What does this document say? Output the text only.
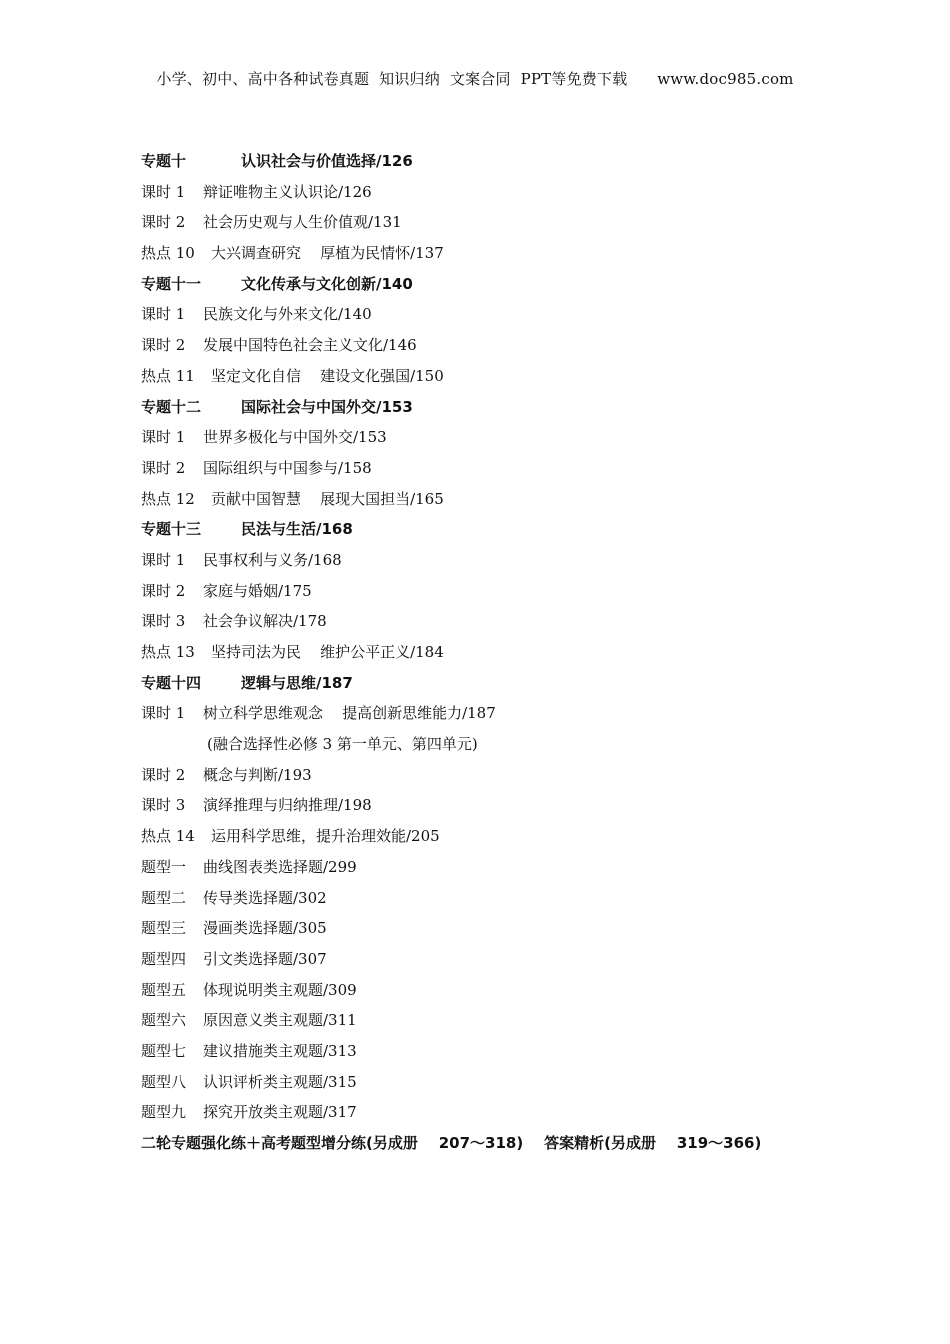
小学、初中、高中各种试卷真题  知识归纳  文案合同  PPT等免费下载      www.doc985.com
专题十	认识社会与价值选择/126
课时 1 辩证唯物主义认识论/126
课时 2 社会历史观与人生价值观/131
热点 10 大兴调查研究    厚植为民情怀/137
专题十一	文化传承与文化创新/140
课时 1 民族文化与外来文化/140
课时 2 发展中国特色社会主义文化/146
热点 11 坚定文化自信    建设文化强国/150
专题十二	国际社会与中国外交/153
课时 1 世界多极化与中国外交/153
课时 2 国际组织与中国参与/158
热点 12 贡献中国智慧    展现大国担当/165
专题十三	民法与生活/168
课时 1 民事权利与义务/168
课时 2 家庭与婚姻/175
课时 3 社会争议解决/178
热点 13 坚持司法为民    维护公平正义/184
专题十四	逻辑与思维/187
课时 1 树立科学思维观念    提高创新思维能力/187
(融合选择性必修 3 第一单元、第四单元)
课时 2 概念与判断/193
课时 3 演绎推理与归纳推理/198
热点 14 运用科学思维，提升治理效能/205
题型一 曲线图表类选择题/299
题型二 传导类选择题/302
题型三 漫画类选择题/305
题型四 引文类选择题/307
题型五 体现说明类主观题/309
题型六 原因意义类主观题/311
题型七 建议措施类主观题/313
题型八 认识评析类主观题/315
题型九 探究开放类主观题/317
二轮专题强化练＋高考题型增分练(另成册    207～318)    答案精析(另成册    319～366)
